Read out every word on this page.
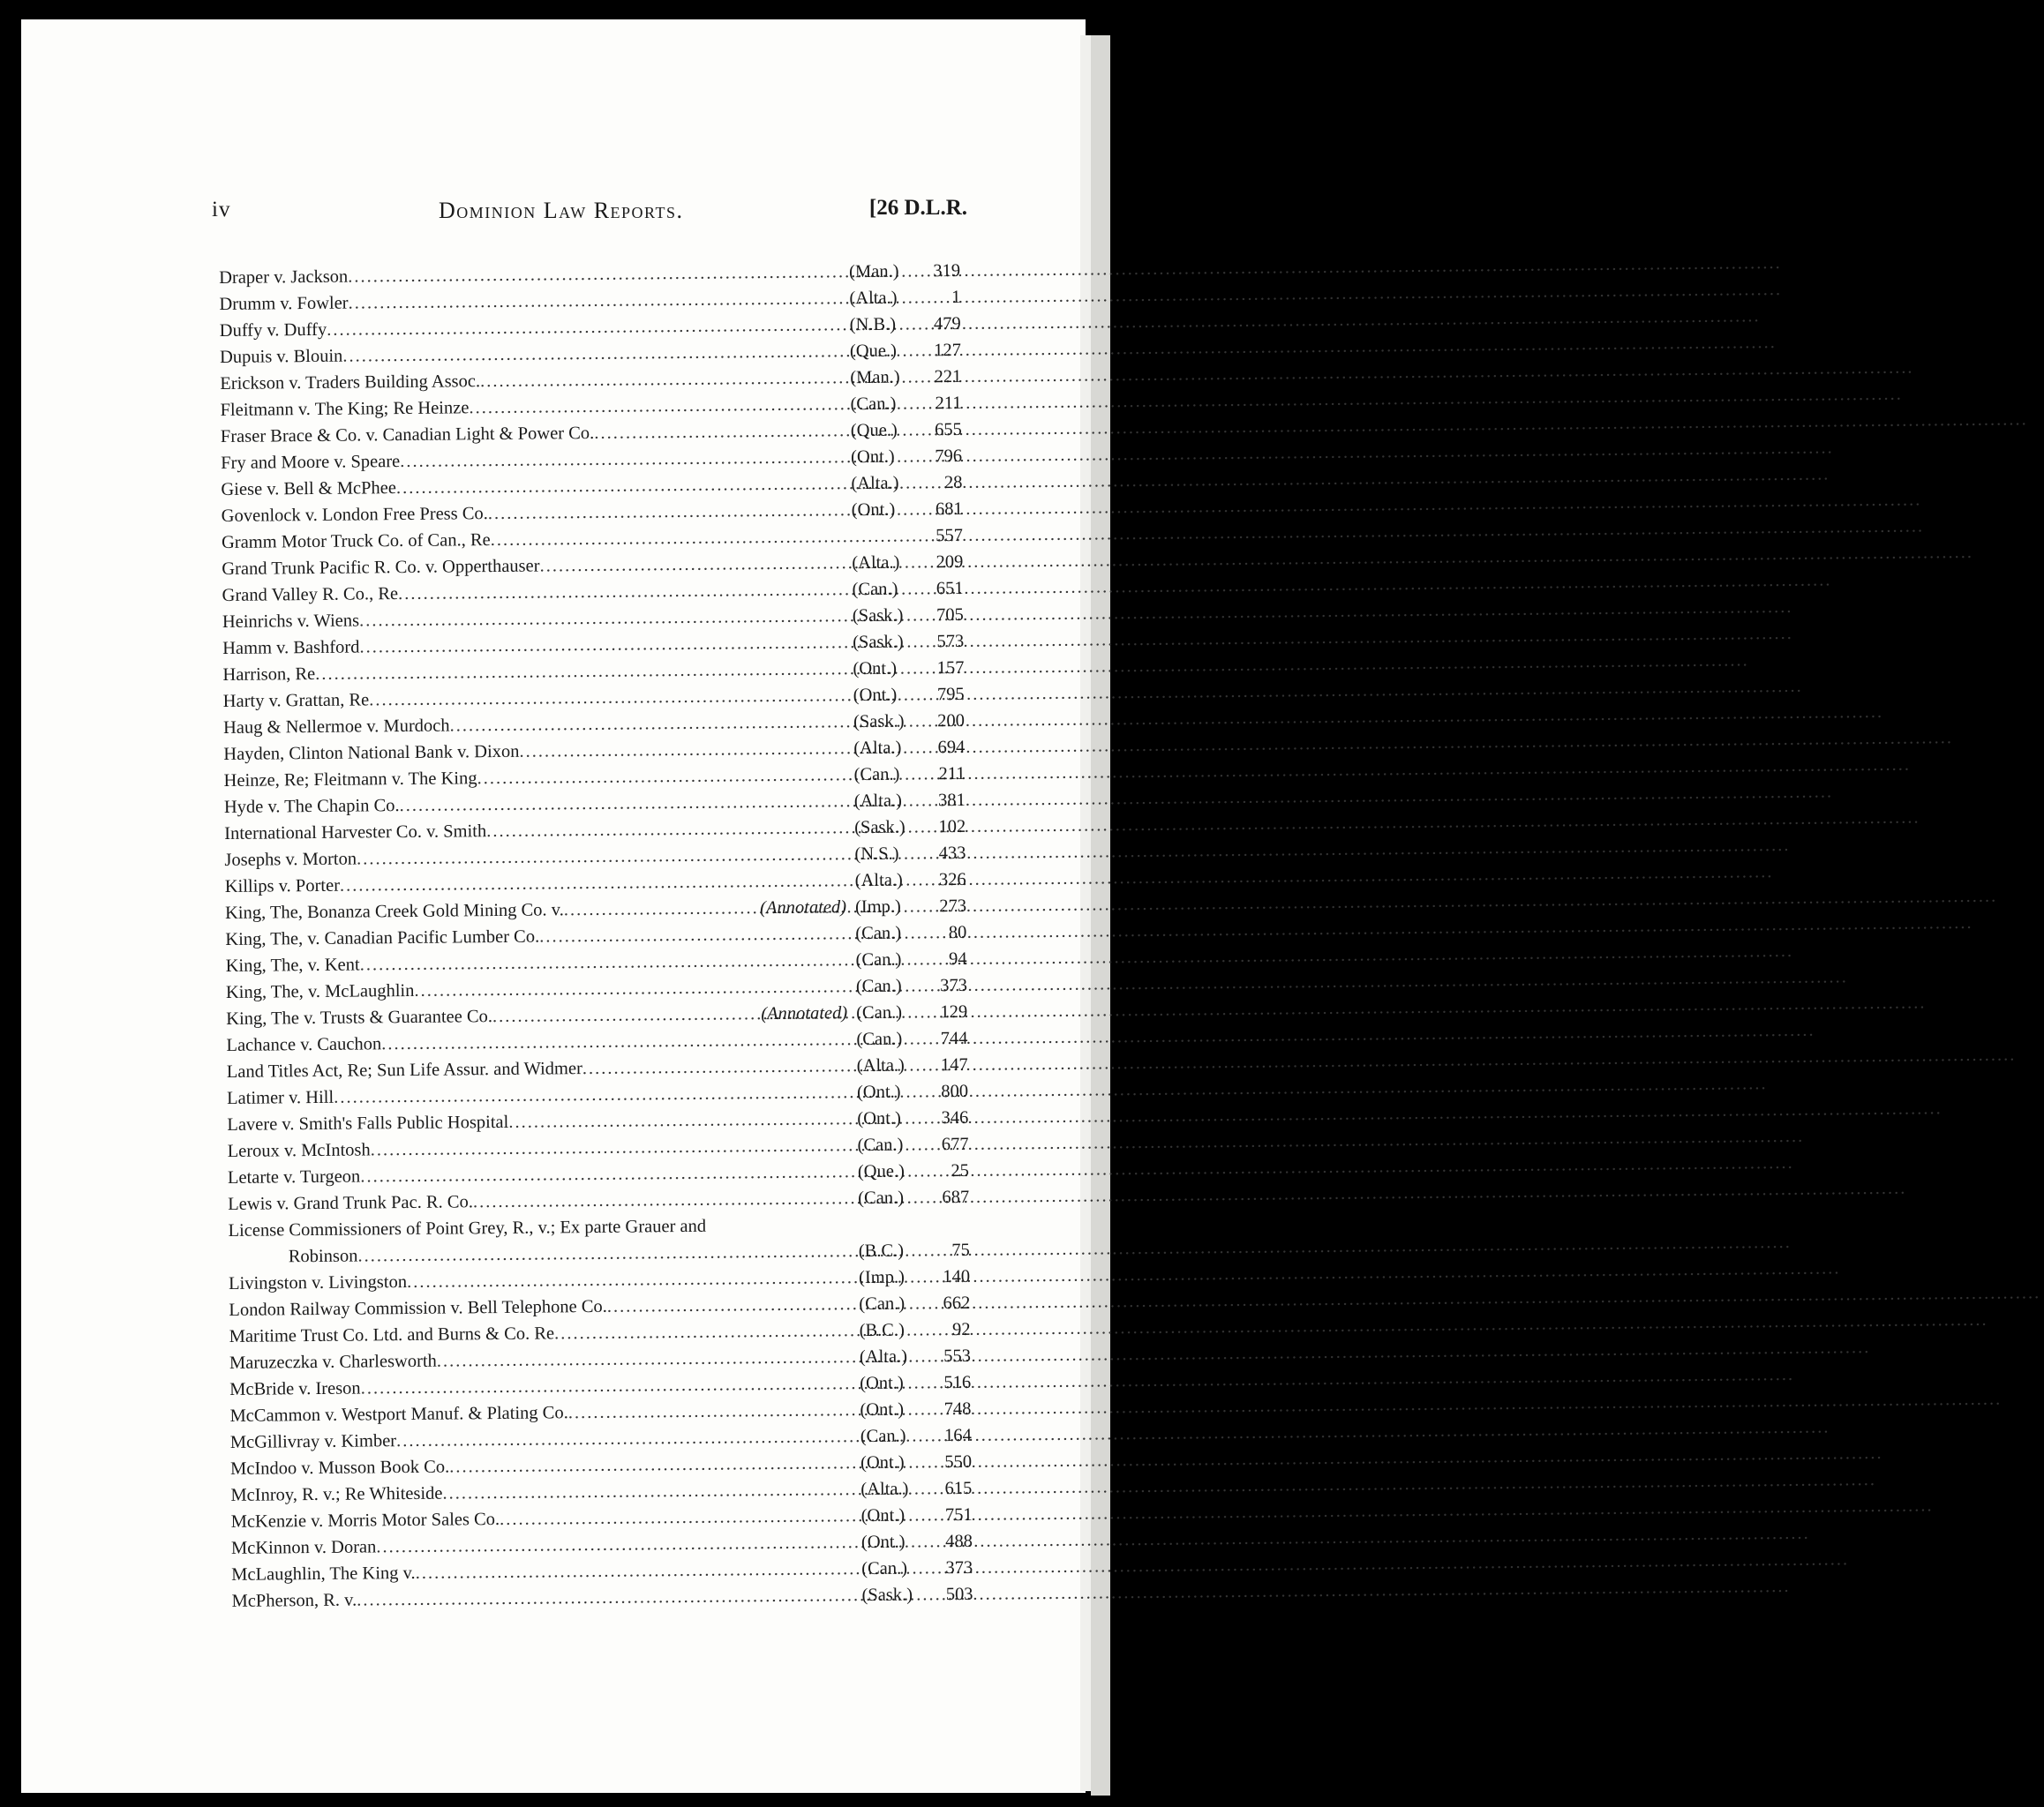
iv	Dominion Law Reports.	[26 D.L.R.
Draper v. Jackson .....	(Man.)	319
Drumm v. Fowler .....	(Alta.)	1
Duffy v. Duffy .....	(N.B.)	479
Dupuis v. Blouin .....	(Que.)	127
Erickson v. Traders Building Assoc. .....	(Man.)	221
Fleitmann v. The King; Re Heinze .....	(Can.)	211
Fraser Brace & Co. v. Canadian Light & Power Co. .....	(Que.)	655
Fry and Moore v. Speare .....	(Ont.)	796
Giese v. Bell & McPhee .....	(Alta.)	28
Govenlock v. London Free Press Co. .....	(Ont.)	681
Gramm Motor Truck Co. of Can., Re .....	557
Grand Trunk Pacific R. Co. v. Opperthauser .....	(Alta.)	209
Grand Valley R. Co., Re .....	(Can.)	651
Heinrichs v. Wiens .....	(Sask.)	705
Hamm v. Bashford .....	(Sask.)	573
Harrison, Re .....	(Ont.)	157
Harty v. Grattan, Re .....	(Ont.)	795
Haug & Nellermoe v. Murdoch .....	(Sask.)	200
Hayden, Clinton National Bank v. Dixon .....	(Alta.)	694
Heinze, Re; Fleitmann v. The King .....	(Can.)	211
Hyde v. The Chapin Co. .....	(Alta.)	381
International Harvester Co. v. Smith .....	(Sask.)	102
Josephs v. Morton .....	(N.S.)	433
Killips v. Porter .....	(Alta.)	326
King, The, Bonanza Creek Gold Mining Co. v. .....	(Annotated) (Imp.)	273
King, The, v. Canadian Pacific Lumber Co. .....	(Can.)	80
King, The, v. Kent .....	(Can.)	94
King, The, v. McLaughlin .....	(Can.)	373
King, The v. Trusts & Guarantee Co. .....	(Annotated) (Can.)	129
Lachance v. Cauchon .....	(Can.)	744
Land Titles Act, Re; Sun Life Assur. and Widmer .....	(Alta.)	147
Latimer v. Hill .....	(Ont.)	800
Lavere v. Smith's Falls Public Hospital .....	(Ont.)	346
Leroux v. McIntosh .....	(Can.)	677
Letarte v. Turgeon .....	(Que.)	25
Lewis v. Grand Trunk Pac. R. Co. .....	(Can.)	687
License Commissioners of Point Grey, R., v.; Ex parte Grauer and
Robinson .....	(B.C.)	75
Livingston v. Livingston .....	(Imp.)	140
London Railway Commission v. Bell Telephone Co. .....	(Can.)	662
Maritime Trust Co. Ltd. and Burns & Co. Re .....	(B.C.)	92
Maruzeczka v. Charlesworth .....	(Alta.)	553
McBride v. Ireson .....	(Ont.)	516
McCammon v. Westport Manuf. & Plating Co. .....	(Ont.)	748
McGillivray v. Kimber .....	(Can.)	164
McIndoo v. Musson Book Co. .....	(Ont.)	550
McInroy, R. v.; Re Whiteside .....	(Alta.)	615
McKenzie v. Morris Motor Sales Co. .....	(Ont.)	751
McKinnon v. Doran .....	(Ont.)	488
McLaughlin, The King v. .....	(Can.)	373
McPherson, R. v. .....	(Sask.)	503
